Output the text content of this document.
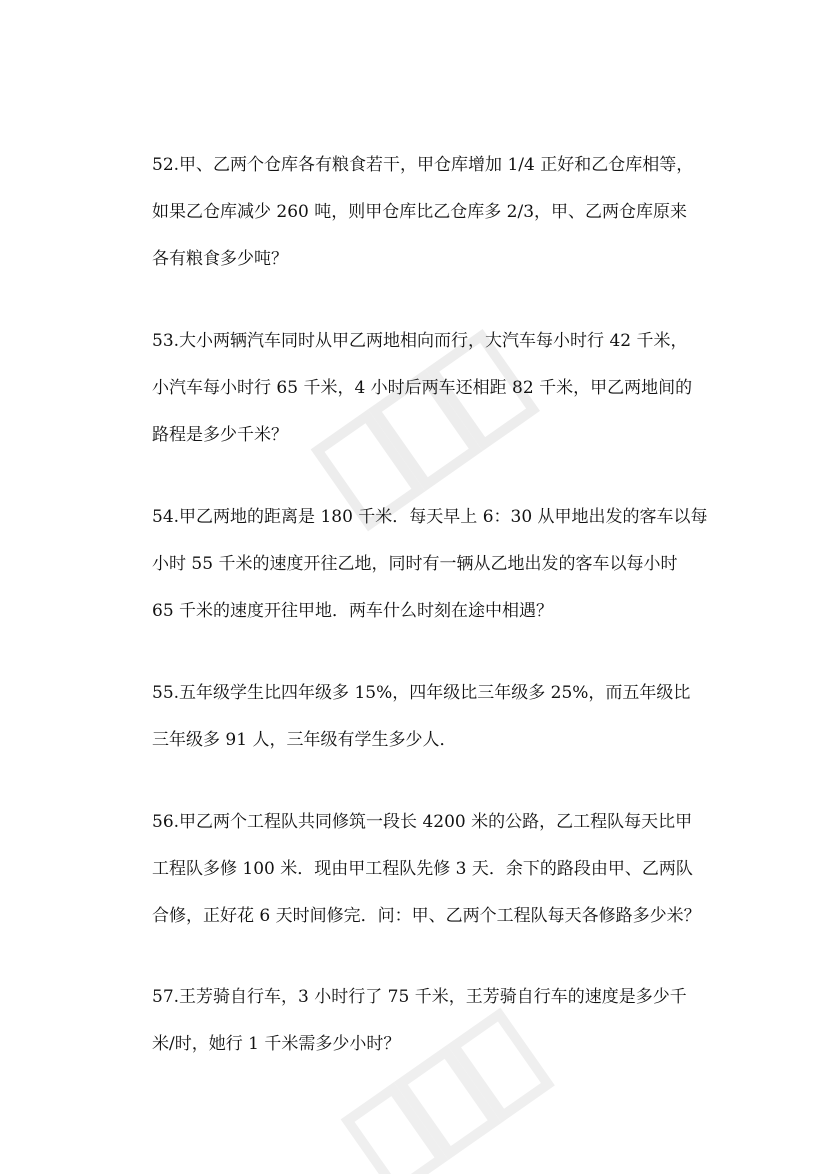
52.甲、乙两个仓库各有粮食若干，甲仓库增加 1/4 正好和乙仓库相等，
如果乙仓库减少 260 吨，则甲仓库比乙仓库多 2/3，甲、乙两仓库原来
各有粮食多少吨？
53.大小两辆汽车同时从甲乙两地相向而行，大汽车每小时行 42 千米，
小汽车每小时行 65 千米，4 小时后两车还相距 82 千米，甲乙两地间的
路程是多少千米？
54.甲乙两地的距离是 180 千米．每天早上 6：30 从甲地出发的客车以每
小时 55 千米的速度开往乙地，同时有一辆从乙地出发的客车以每小时
65 千米的速度开往甲地．两车什么时刻在途中相遇？
55.五年级学生比四年级多 15%，四年级比三年级多 25%，而五年级比
三年级多 91 人，三年级有学生多少人．
56.甲乙两个工程队共同修筑一段长 4200 米的公路，乙工程队每天比甲
工程队多修 100 米．现由甲工程队先修 3 天．余下的路段由甲、乙两队
合修，正好花 6 天时间修完．问：甲、乙两个工程队每天各修路多少米？
57.王芳骑自行车，3 小时行了 75 千米，王芳骑自行车的速度是多少千
米/时，她行 1 千米需多少小时？
